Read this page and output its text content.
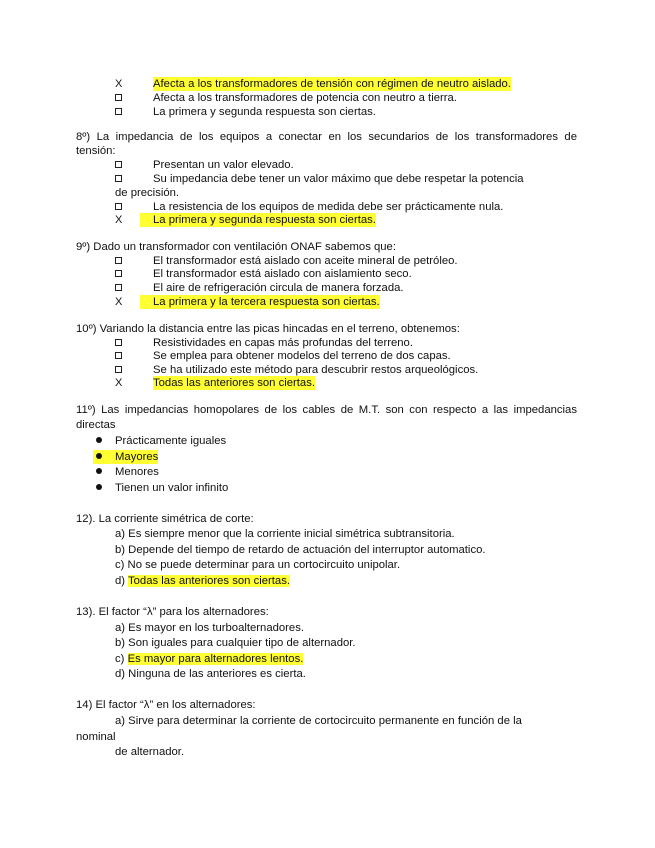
X	Afecta a los transformadores de tensión con régimen de neutro aislado.
Afecta a los transformadores de potencia con neutro a tierra.
La primera y segunda respuesta son ciertas.
8º) La impedancia de los equipos a conectar en los secundarios de los transformadores de
tensión:
Presentan un valor elevado.
Su impedancia debe tener un valor máximo que debe respetar la potencia
de precisión.
La resistencia de los equipos de medida debe ser prácticamente nula.
X	La primera y segunda respuesta son ciertas.
9º) Dado un transformador con ventilación ONAF sabemos que:
El transformador está aislado con aceite mineral de petróleo.
El transformador está aislado con aislamiento seco.
El aire de refrigeración circula de manera forzada.
X	La primera y la tercera respuesta son ciertas.
10º) Variando la distancia entre las picas hincadas en el terreno, obtenemos:
Resistividades en capas más profundas del terreno.
Se emplea para obtener modelos del terreno de dos capas.
Se ha utilizado este método para descubrir restos arqueológicos.
X	Todas las anteriores son ciertas.
11º) Las impedancias homopolares de los cables de M.T. son con respecto a las impedancias
directas
Prácticamente iguales
Mayores
Menores
Tienen un valor infinito
12). La corriente simétrica de corte:
a) Es siempre menor que la corriente inicial simétrica subtransitoria.
b) Depende del tiempo de retardo de actuación del interruptor automatico.
c) No se puede determinar para un cortocircuito unipolar.
d) Todas las anteriores son ciertas.
13). El factor “λ” para los alternadores:
a) Es mayor en los turboalternadores.
b) Son iguales para cualquier tipo de alternador.
c) Es mayor para alternadores lentos.
d) Ninguna de las anteriores es cierta.
14) El factor “λ” en los alternadores:
a) Sirve para determinar la corriente de cortocircuito permanente en función de la
nominal
de alternador.
